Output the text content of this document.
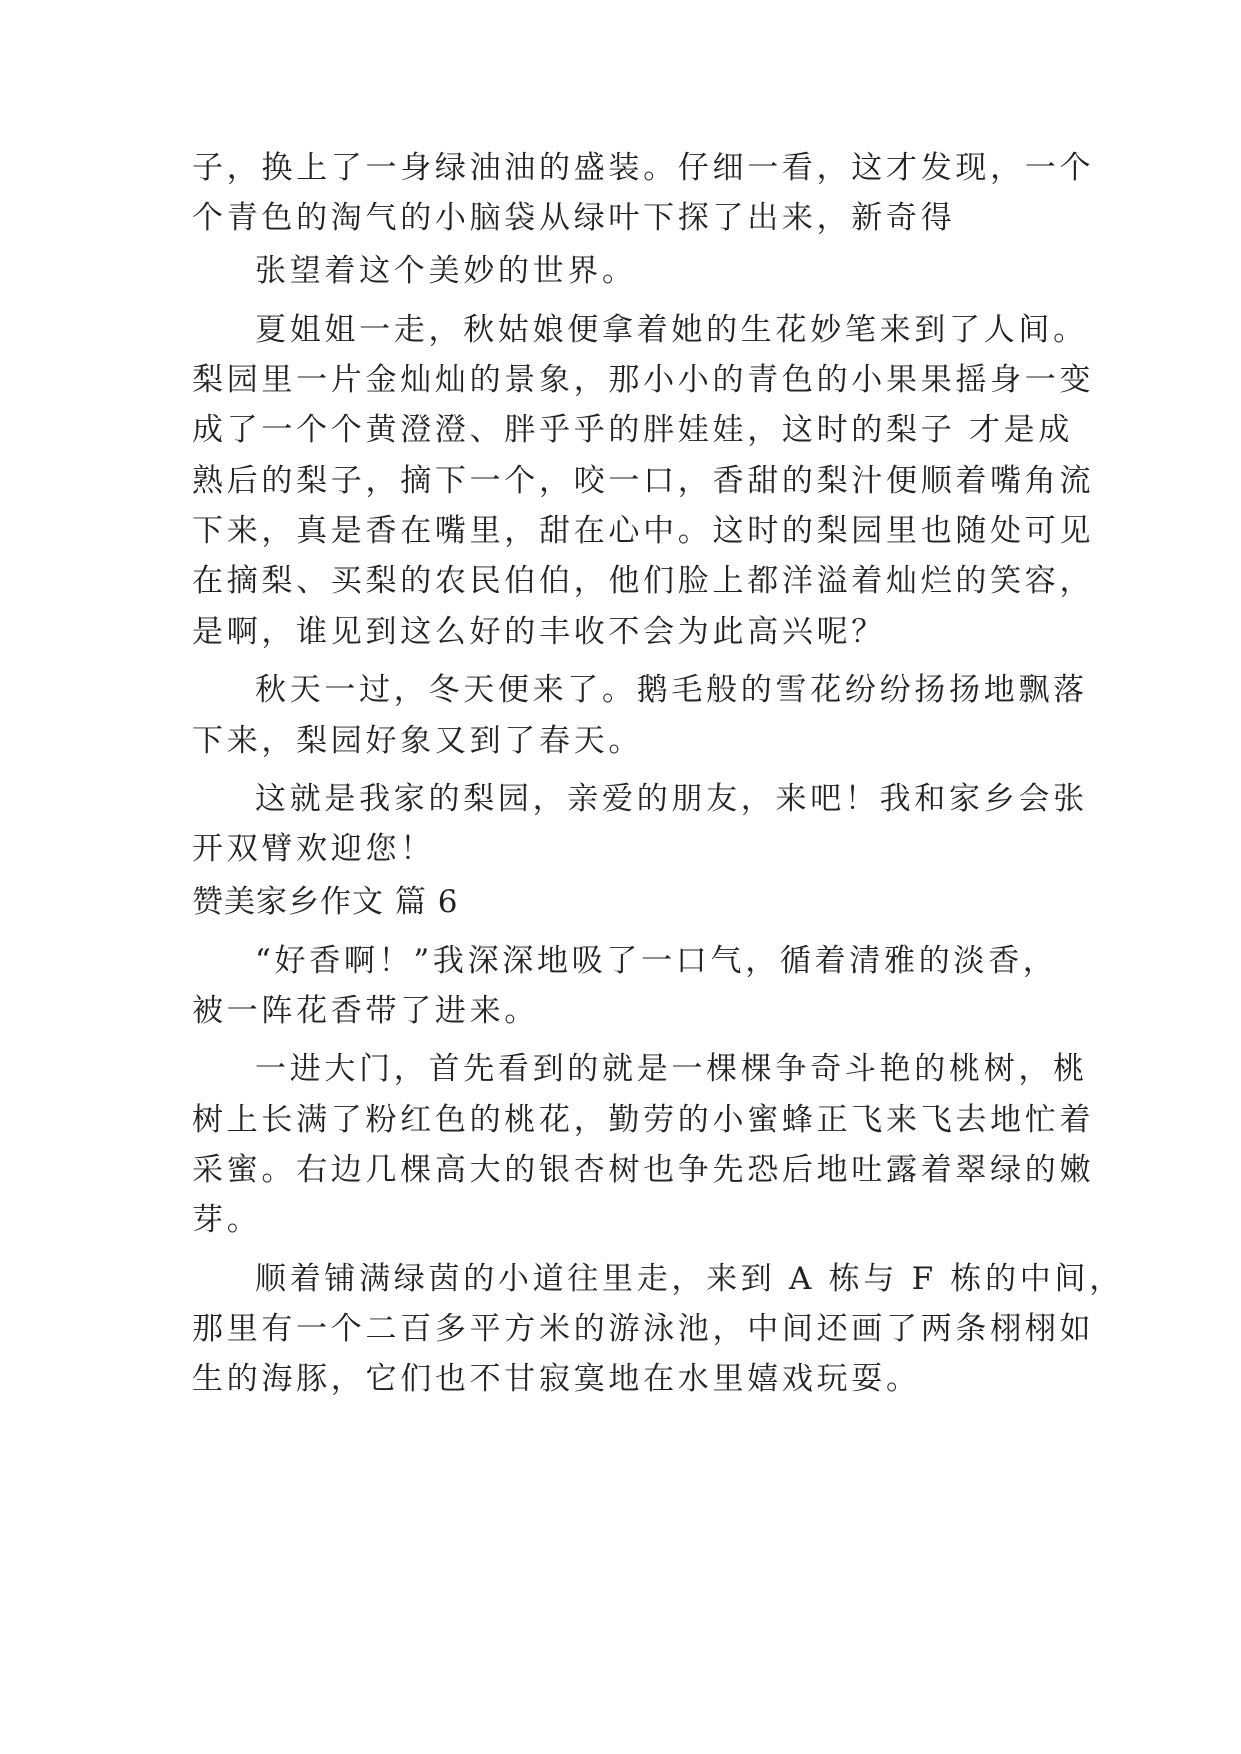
子，换上了一身绿油油的盛装。仔细一看，这才发现，一个
个青色的淘气的小脑袋从绿叶下探了出来，新奇得
张望着这个美妙的世界。
夏姐姐一走，秋姑娘便拿着她的生花妙笔来到了人间。
梨园里一片金灿灿的景象，那小小的青色的小果果摇身一变
成了一个个黄澄澄、胖乎乎的胖娃娃，这时的梨子 才是成
熟后的梨子，摘下一个，咬一口，香甜的梨汁便顺着嘴角流
下来，真是香在嘴里，甜在心中。这时的梨园里也随处可见
在摘梨、买梨的农民伯伯，他们脸上都洋溢着灿烂的笑容，
是啊，谁见到这么好的丰收不会为此高兴呢？
秋天一过，冬天便来了。鹅毛般的雪花纷纷扬扬地飘落
下来，梨园好象又到了春天。
这就是我家的梨园，亲爱的朋友，来吧！我和家乡会张
开双臂欢迎您！
赞美家乡作文 篇 6
“好香啊！”我深深地吸了一口气，循着清雅的淡香，
被一阵花香带了进来。
一进大门，首先看到的就是一棵棵争奇斗艳的桃树，桃
树上长满了粉红色的桃花，勤劳的小蜜蜂正飞来飞去地忙着
采蜜。右边几棵高大的银杏树也争先恐后地吐露着翠绿的嫩
芽。
顺着铺满绿茵的小道往里走，来到 A 栋与 F 栋的中间，
那里有一个二百多平方米的游泳池，中间还画了两条栩栩如
生的海豚，它们也不甘寂寞地在水里嬉戏玩耍。
